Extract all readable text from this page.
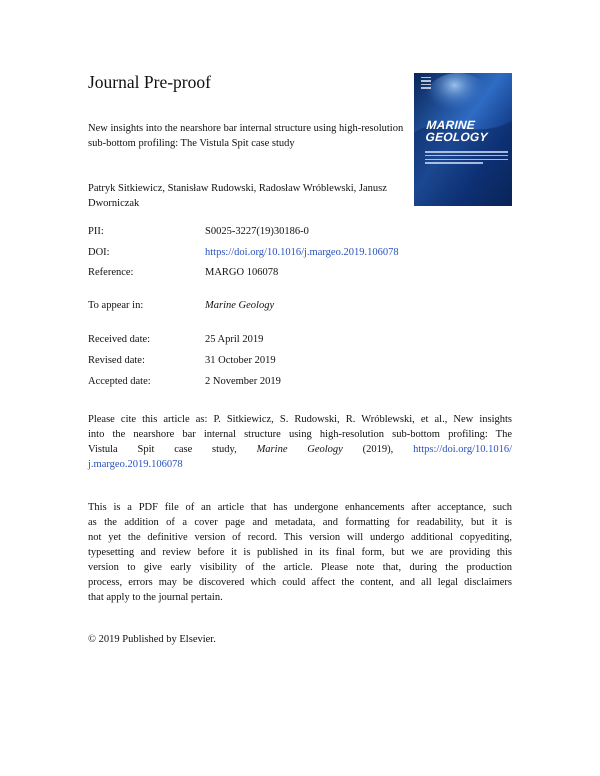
Journal Pre-proof
New insights into the nearshore bar internal structure using high-resolution sub-bottom profiling: The Vistula Spit case study
Patryk Sitkiewicz, Stanisław Rudowski, Radosław Wróblewski, Janusz Dworniczak
MARINE
GEOLOGY
PII:	S0025-3227(19)30186-0
DOI:	https://doi.org/10.1016/j.margeo.2019.106078
Reference:	MARGO 106078
To appear in:	Marine Geology
Received date:	25 April 2019
Revised date:	31 October 2019
Accepted date:	2 November 2019
Please cite this article as: P. Sitkiewicz, S. Rudowski, R. Wróblewski, et al., New insights
into the nearshore bar internal structure using high-resolution sub-bottom profiling: The
Vistula Spit case study, Marine Geology (2019), https://doi.org/10.1016/
j.margeo.2019.106078
This is a PDF file of an article that has undergone enhancements after acceptance, such
as the addition of a cover page and metadata, and formatting for readability, but it is
not yet the definitive version of record. This version will undergo additional copyediting,
typesetting and review before it is published in its final form, but we are providing this
version to give early visibility of the article. Please note that, during the production
process, errors may be discovered which could affect the content, and all legal disclaimers
that apply to the journal pertain.
© 2019 Published by Elsevier.
